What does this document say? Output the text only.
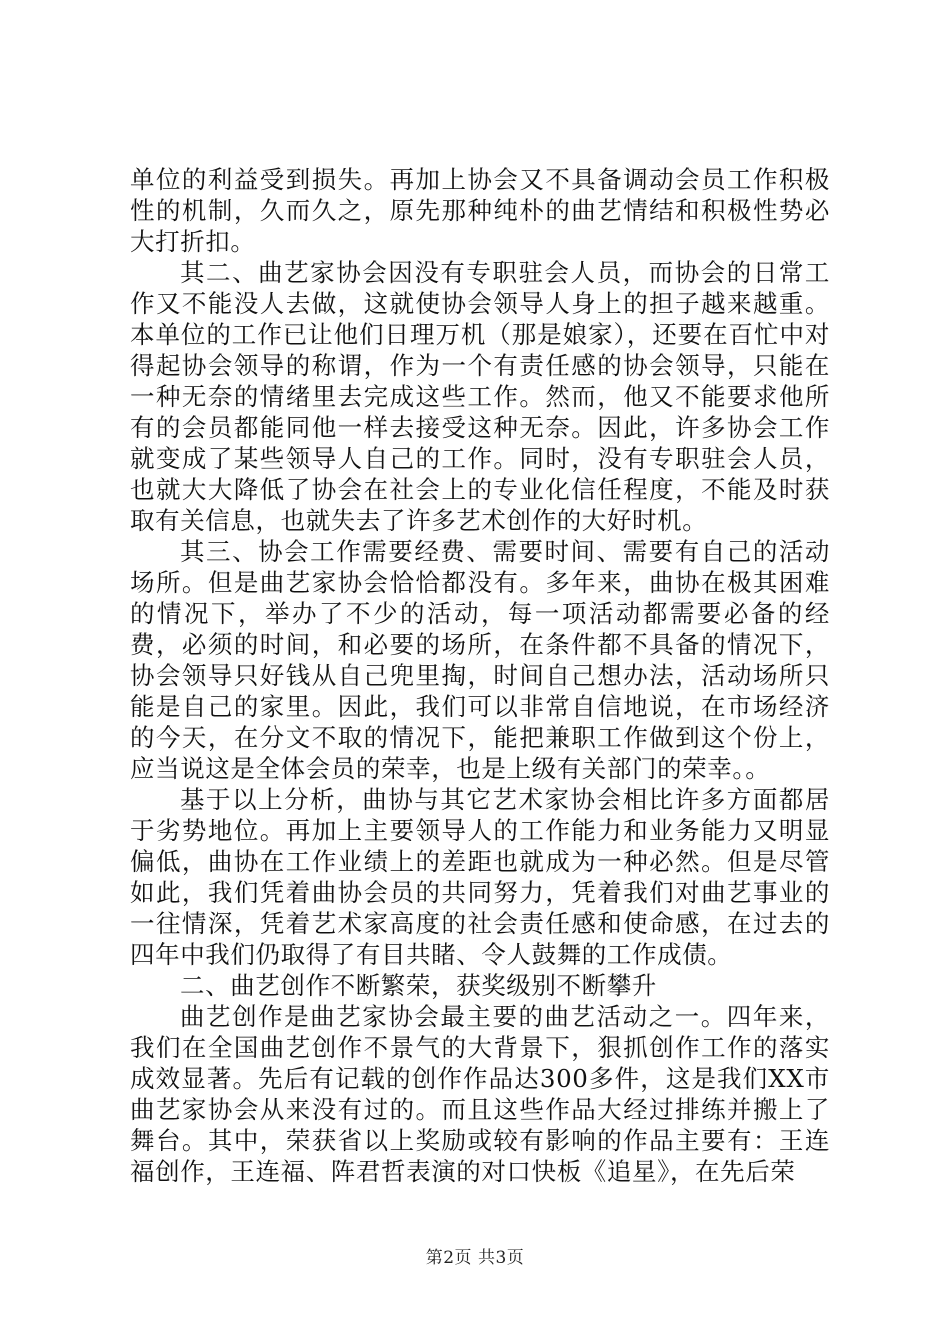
单位的利益受到损失。再加上协会又不具备调动会员工作积极性的机制，久而久之，原先那种纯朴的曲艺情结和积极性势必大打折扣。

其二、曲艺家协会因没有专职驻会人员，而协会的日常工作又不能没人去做，这就使协会领导人身上的担子越来越重。本单位的工作已让他们日理万机（那是娘家），还要在百忙中对得起协会领导的称谓，作为一个有责任感的协会领导，只能在一种无奈的情绪里去完成这些工作。然而，他又不能要求他所有的会员都能同他一样去接受这种无奈。因此，许多协会工作就变成了某些领导人自己的工作。同时，没有专职驻会人员，也就大大降低了协会在社会上的专业化信任程度，不能及时获取有关信息，也就失去了许多艺术创作的大好时机。

其三、协会工作需要经费、需要时间、需要有自己的活动场所。但是曲艺家协会恰恰都没有。多年来，曲协在极其困难的情况下，举办了不少的活动，每一项活动都需要必备的经费，必须的时间，和必要的场所，在条件都不具备的情况下，协会领导只好钱从自己兜里掏，时间自己想办法，活动场所只能是自己的家里。因此，我们可以非常自信地说，在市场经济的今天，在分文不取的情况下，能把兼职工作做到这个份上，应当说这是全体会员的荣幸，也是上级有关部门的荣幸。。

基于以上分析，曲协与其它艺术家协会相比许多方面都居于劣势地位。再加上主要领导人的工作能力和业务能力又明显偏低，曲协在工作业绩上的差距也就成为一种必然。但是尽管如此，我们凭着曲协会员的共同努力，凭着我们对曲艺事业的一往情深，凭着艺术家高度的社会责任感和使命感，在过去的四年中我们仍取得了有目共睹、令人鼓舞的工作成债。

二、曲艺创作不断繁荣，获奖级别不断攀升

曲艺创作是曲艺家协会最主要的曲艺活动之一。四年来，我们在全国曲艺创作不景气的大背景下，狠抓创作工作的落实成效显著。先后有记载的创作作品达300多件，这是我们XX市曲艺家协会从来没有过的。而且这些作品大经过排练并搬上了舞台。其中，荣获省以上奖励或较有影响的作品主要有：王连福创作，王连福、阵君哲表演的对口快板《追星》，在先后荣

第2页 共3页
